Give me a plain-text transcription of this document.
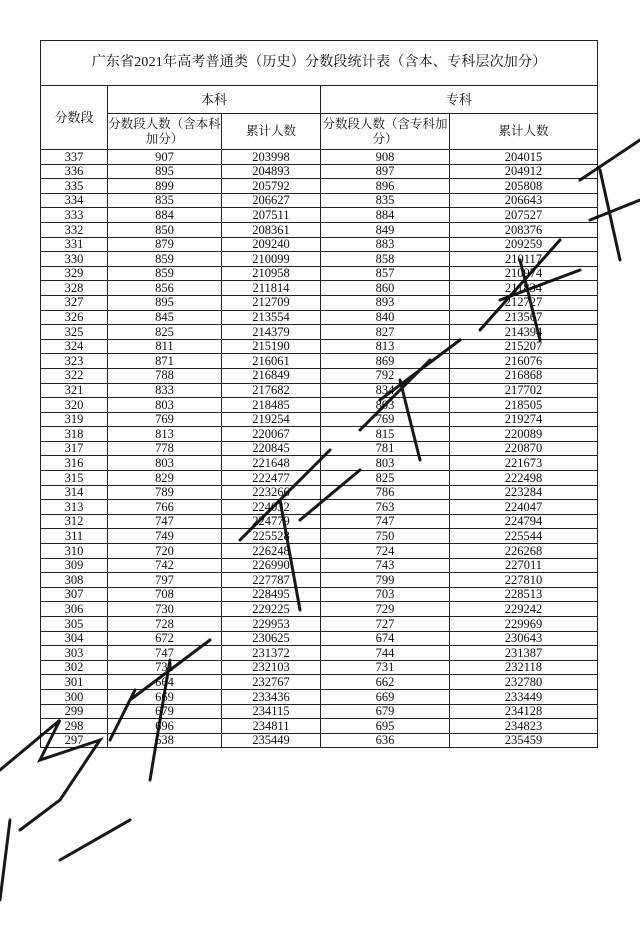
广东省2021年高考普通类（历史）分数段统计表（含本、专科层次加分）				
分数段	本科		专科	
	分数段人数（含本科加分）	累计人数	分数段人数（含专科加分）	累计人数
337	907	203998	908	204015
336	895	204893	897	204912
335	899	205792	896	205808
334	835	206627	835	206643
333	884	207511	884	207527
332	850	208361	849	208376
331	879	209240	883	209259
330	859	210099	858	210117
329	859	210958	857	210974
328	856	211814	860	211834
327	895	212709	893	212727
326	845	213554	840	213567
325	825	214379	827	214394
324	811	215190	813	215207
323	871	216061	869	216076
322	788	216849	792	216868
321	833	217682	834	217702
320	803	218485	803	218505
319	769	219254	769	219274
318	813	220067	815	220089
317	778	220845	781	220870
316	803	221648	803	221673
315	829	222477	825	222498
314	789	223266	786	223284
313	766	224032	763	224047
312	747	224779	747	224794
311	749	225528	750	225544
310	720	226248	724	226268
309	742	226990	743	227011
308	797	227787	799	227810
307	708	228495	703	228513
306	730	229225	729	229242
305	728	229953	727	229969
304	672	230625	674	230643
303	747	231372	744	231387
302	731	232103	731	232118
301	664	232767	662	232780
300	669	233436	669	233449
299	679	234115	679	234128
298	696	234811	695	234823
297	638	235449	636	235459
